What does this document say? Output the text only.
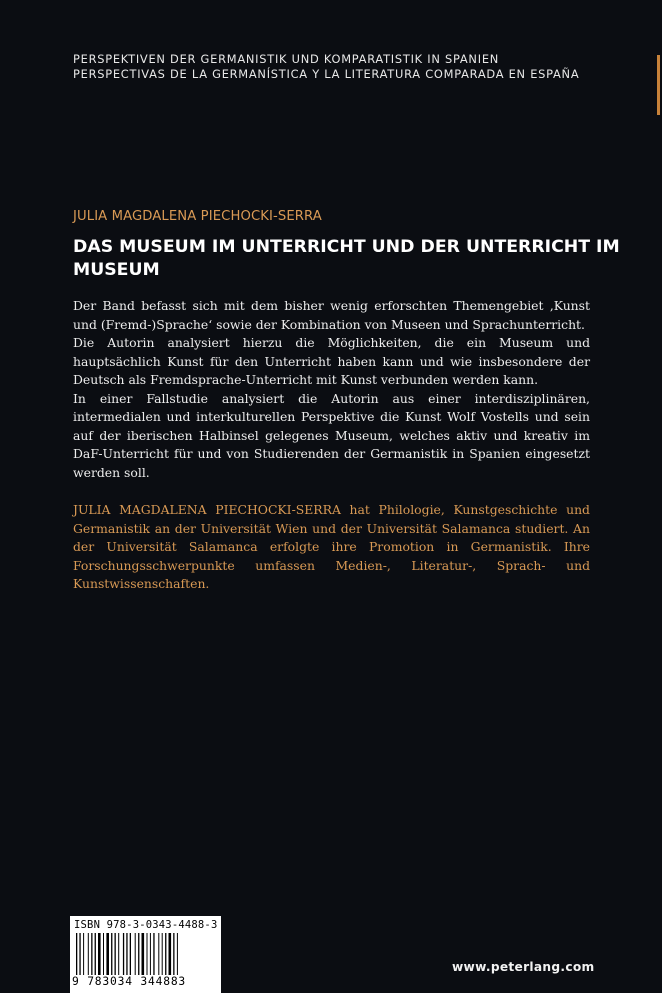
PERSPEKTIVEN DER GERMANISTIK UND KOMPARATISTIK IN SPANIEN
PERSPECTIVAS DE LA GERMANÍSTICA Y LA LITERATURA COMPARADA EN ESPAÑA
JULIA MAGDALENA PIECHOCKI-SERRA
DAS MUSEUM IM UNTERRICHT UND DER UNTERRICHT IM MUSEUM

Der Band befasst sich mit dem bisher wenig erforschten Themengebiet ‚Kunst und (Fremd-)Sprache‘ sowie der Kombination von Museen und Sprachunterricht.

Die Autorin analysiert hierzu die Möglichkeiten, die ein Museum und hauptsächlich Kunst für den Unterricht haben kann und wie insbesondere der Deutsch als Fremdsprache-Unterricht mit Kunst verbunden werden kann.

In einer Fallstudie analysiert die Autorin aus einer interdisziplinären, intermedialen und interkulturellen Perspektive die Kunst Wolf Vostells und sein auf der iberischen Halbinsel gelegenes Museum, welches aktiv und kreativ im DaF-Unterricht für und von Studierenden der Germanistik in Spanien eingesetzt werden soll.

JULIA MAGDALENA PIECHOCKI-SERRA hat Philologie, Kunstgeschichte und Germanistik an der Universität Wien und der Universität Salamanca studiert. An der Universität Salamanca erfolgte ihre Promotion in Germanistik. Ihre Forschungsschwerpunkte umfassen Medien-, Literatur-, Sprach- und Kunstwissenschaften.

ISBN 978-3-0343-4488-3
9 783034 344883
www.peterlang.com
